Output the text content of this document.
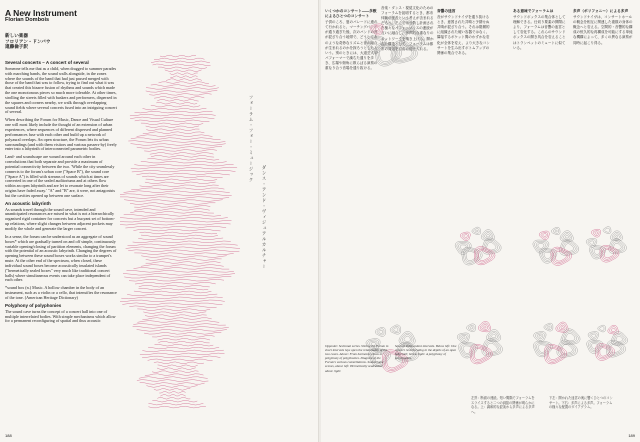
A New Instrument
Florian Dombois
新しい楽器
フロリアン・ドンバウ
遠藤倫子訳
Several concerts – A concert of several

Someone tells me that as a child, when dragged to summer parades with marching bands, the sound walls alongside, in the zones where the sounds of the band that had just passed merged with those of the band that was to follow, trying to find out what it was that created this bizarre fusion of rhythms and sounds which made the one monotonous pieces so much more tolerable. At other times, strolling the streets filled with buskers and performers, dispersed in the squares and corners nearby, we walk through overlapping sound fields where several concerts fused into an intriguing concert of several.

When describing the Forum for Music, Dance and Visual Culture one will most likely include the thought of an extension of urban experiences, where sequences of different dispersed and planned performances fuse with each other and build up a network of polyaural overlaps. An open structure, the Forum lets its urban surroundings (and with them visitors and various passers-by) freely enter into a labyrinth of interconnected parametric bodies.

Land- and soundscape are wound around each other in convolutions that both separate and provide a maximum of potential connectivity between the two. 'While the city seamlessly connects to the forum's urban core ("Space B"), the sound core ("Space A") is filled with streams of sounds which at times are converted in one of the sealed auditoriums and at others flow within an open labyrinth and are let to resonate long after their origins have faded away.' "A" and "B" are, it were, not antagonists but the cavities opened up between one surface.

An acoustic labyrinth

As sounds travel through the sound cave, intended and unanticipated resonances are mixed in what is not a hierarchically organised rigid container for concerts but a buoyant set of bottom-up relations, where slight changes between adjacent pockets may modify the whole and generate the larger concert.

In a sense, the forum can be understood as an aggregate of sound boxes* which are gradually turned on and off simple, continuously variable opening/closing of partition elements, changing the forum with the potential of an acoustic labyrinth. Changing the degrees of opening between these sound boxes works similar to a trumpet's mute. At the other end of the spectrum, when closed, these individual sound boxes become acoustically insulated islands ("hermetically sealed boxes" very much like traditional concert halls) where simultaneous events can take place independent of each other.

*sound box (n.) Music. A hollow chamber in the body of an instrument, such as a violin or a cello, that intensifies the resonance of the tone. (American Heritage Dictionary)

Polyphony of polyphonies

The sound cave turns the concept of a concert hall into one of multiple interrelated bodies. With simple mechanisms which allow for a permanent reconfiguring of spatial and thus acoustic

フォーラム・フォー・ミュージック
ダンス・アンド・ヴィジュアルカルチャー
188
いくつかのコンサート――多数によるひとつのコンサート

子供のころ、夏のパレードに連れて行かれると、マーチングバンドが通り過ぎた後、次のバンドの音が混ざり合う地帯で、どうしてあのような奇妙なリズムと音の融合が生まれるのかを探ろうとしたという。別のときには、大道芸人やパフォーマーで満ちた通りを歩き、広場や街角に散らばる演奏の重なり合う音場を通り抜ける。

音楽・ダンス・視覚文化のためのフォーラムを説明するとき、都市体験の延長という考えが含まれるだろう。そこでは分散し計画された様々なパフォーマンスの連続が互いに融合し、多声的な重なりのネットワークを築き上げる。開かれた構造として、フォーラムは都市の周辺を自由に迎え入れる。

音響の迷宮

音がサウンドケイヴを通り抜けるとき、意図された共鳴と予期せぬ共鳴が混ざり合う。それは階層的に組織された硬い容器ではなく、隣接するポケット間のわずかな変化が全体を変え、より大きなコンサートを生み出すボトムアップの関係の集合である。

ある意味でフォーラムは

サウンドボックスの集合体として理解できる。仕切り要素の開閉により、フォーラムは音響の迷宮として変化する。これらのサウンドボックスの開き具合を変えることはトランペットのミュートに似ている。

多声（ポリフォニー）による多声

サウンドケイヴは、コンサートホールの概念を相互に関連した複数の身体の概念へと変える。空間的・音響的な構成の恒久的な再構成を可能にする単純な機構によって、多くの異なる演奏が同時に起こり得る。

Opposite: Sectional series. Slicing the Forum in short intervals lays open the relationship of the two caves. Above: From harmonic chaos to polyphony of polyphonies. Diagram of the Forum's various constellations. Sound Cave scenes, above left: Hermetically sealed box; above right:
Several independent intervals. Below left: One concert reverberating in the depths of an open labyrinth; below right: A polyphony of polyphonies.
左頁：断面の連続。短い間隔でフォーラムをスライスすると二つの洞窟の関係が明らかになる。上：調和的な混沌から多声による多声へ。
下左：開かれた迷宮の奥に響くひとつのコンサート。下右：多声による多声。フォーラムの様々な配置のダイアグラム。
189
